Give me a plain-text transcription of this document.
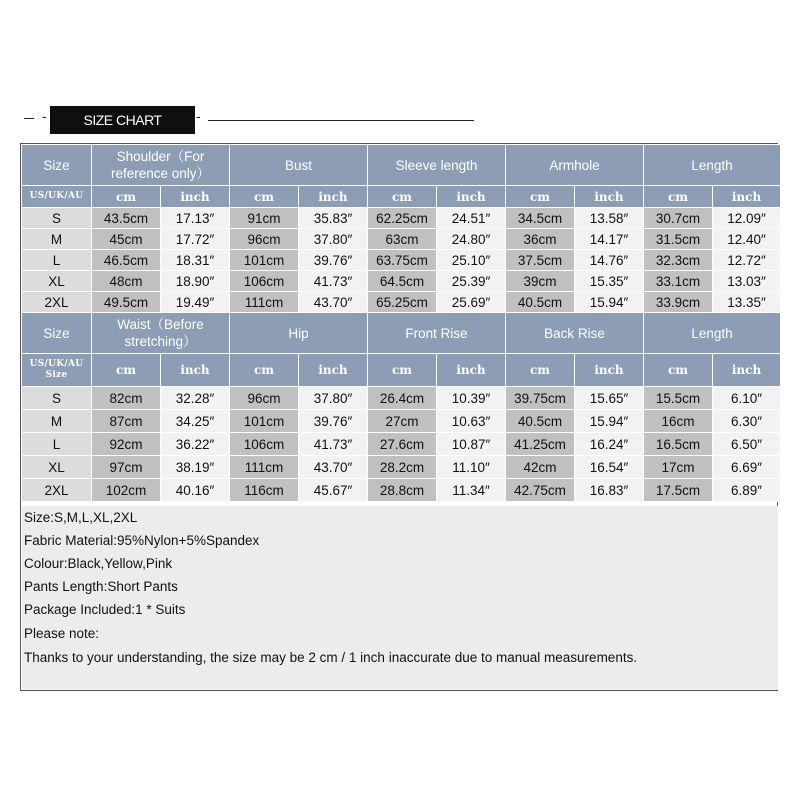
-	SIZE CHART	-
Size	Shoulder（For reference only）		Bust		Sleeve length		Armhole		Length	
US/UK/AU	cm	inch	cm	inch	cm	inch	cm	inch	cm	inch
S	43.5cm	17.13″	91cm	35.83″	62.25cm	24.51″	34.5cm	13.58″	30.7cm	12.09″
M	45cm	17.72″	96cm	37.80″	63cm	24.80″	36cm	14.17″	31.5cm	12.40″
L	46.5cm	18.31″	101cm	39.76″	63.75cm	25.10″	37.5cm	14.76″	32.3cm	12.72″
XL	48cm	18.90″	106cm	41.73″	64.5cm	25.39″	39cm	15.35″	33.1cm	13.03″
2XL	49.5cm	19.49″	111cm	43.70″	65.25cm	25.69″	40.5cm	15.94″	33.9cm	13.35″
Size	Waist（Before stretching）		Hip		Front Rise		Back Rise		Length	
US/UK/AU Size	cm	inch	cm	inch	cm	inch	cm	inch	cm	inch
S	82cm	32.28″	96cm	37.80″	26.4cm	10.39″	39.75cm	15.65″	15.5cm	6.10″
M	87cm	34.25″	101cm	39.76″	27cm	10.63″	40.5cm	15.94″	16cm	6.30″
L	92cm	36.22″	106cm	41.73″	27.6cm	10.87″	41.25cm	16.24″	16.5cm	6.50″
XL	97cm	38.19″	111cm	43.70″	28.2cm	11.10″	42cm	16.54″	17cm	6.69″
2XL	102cm	40.16″	116cm	45.67″	28.8cm	11.34″	42.75cm	16.83″	17.5cm	6.89″
Size:S,M,L,XL,2XL
Fabric Material:95%Nylon+5%Spandex
Colour:Black,Yellow,Pink
Pants Length:Short Pants
Package Included:1 * Suits
Please note:
Thanks to your understanding, the size may be 2 cm / 1 inch inaccurate due to manual measurements.
